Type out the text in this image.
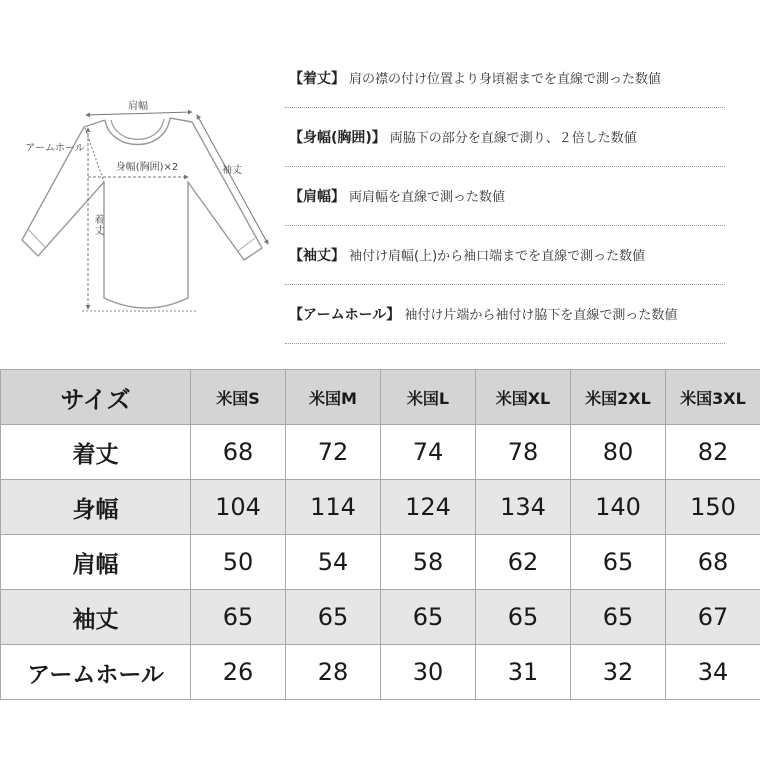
肩幅
アームホール
身幅(胸囲)×2	袖丈
着丈
【着丈】 肩の襟の付け位置より身頃裾までを直線で測った数値
【身幅(胸囲)】 両脇下の部分を直線で測り、２倍した数値
【肩幅】 両肩幅を直線で測った数値
【袖丈】 袖付け肩幅(上)から袖口端までを直線で測った数値
【アームホール】 袖付け片端から袖付け脇下を直線で測った数値
サイズ	米国S	米国M	米国L	米国XL	米国2XL	米国3XL
着丈	68	72	74	78	80	82
身幅	104	114	124	134	140	150
肩幅	50	54	58	62	65	68
袖丈	65	65	65	65	65	67
アームホール	26	28	30	31	32	34
